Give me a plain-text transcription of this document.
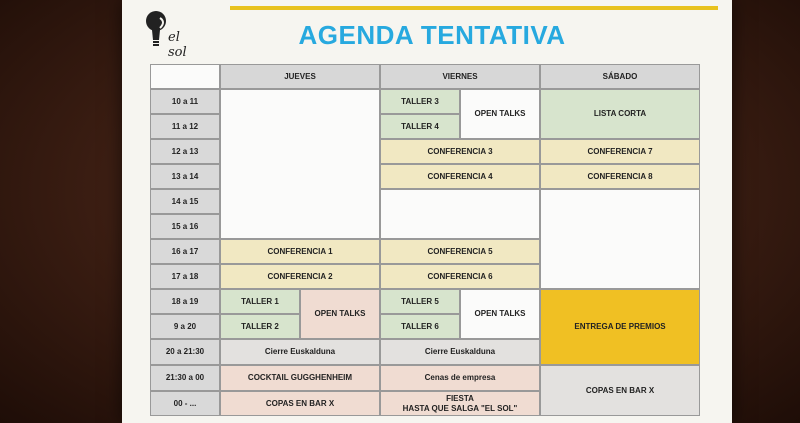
el sol
AGENDA TENTATIVA
JUEVES	VIERNES	SÁBADO
10 a 11
11 a 12
12 a 13
13 a 14
14 a 15
15 a 16
16 a 17
17 a 18
18 a 19
9 a 20
20 a 21:30
21:30 a 00
00 - ...
CONFERENCIA 1
CONFERENCIA 2
TALLER 1
TALLER 2
OPEN TALKS
Cierre Euskalduna
COCKTAIL GUGGHENHEIM
COPAS EN BAR X
TALLER 3
TALLER 4
OPEN TALKS
CONFERENCIA 3
CONFERENCIA 4
CONFERENCIA 5
CONFERENCIA 6
TALLER 5
TALLER 6
OPEN TALKS
Cierre Euskalduna
Cenas de empresa
FIESTA
HASTA QUE SALGA "EL SOL"
LISTA CORTA
CONFERENCIA 7
CONFERENCIA 8
ENTREGA DE PREMIOS
COPAS EN BAR X
